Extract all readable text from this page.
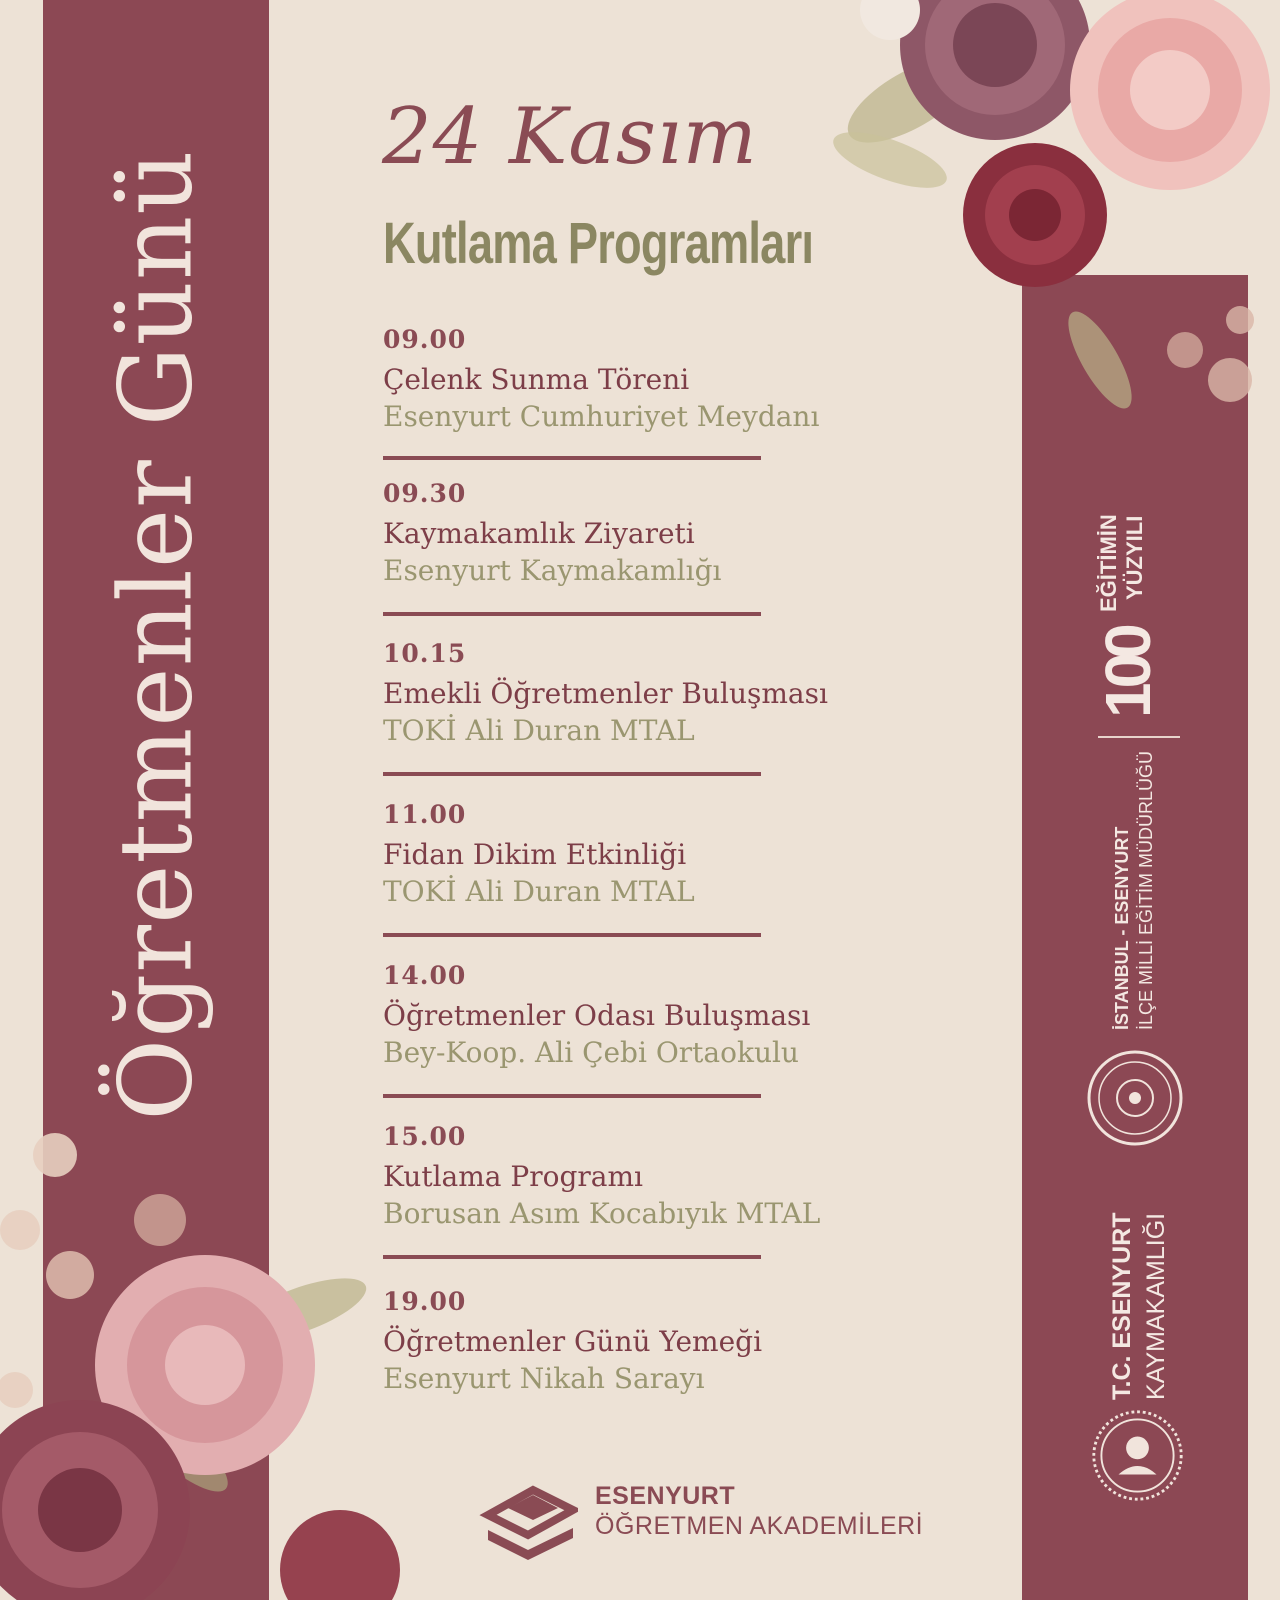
Öğretmenler Günü
24 Kasım
Kutlama Programları
09.00
Çelenk Sunma Töreni
Esenyurt Cumhuriyet Meydanı
09.30
Kaymakamlık Ziyareti
Esenyurt Kaymakamlığı
10.15
Emekli Öğretmenler Buluşması
TOKİ Ali Duran MTAL
11.00
Fidan Dikim Etkinliği
TOKİ Ali Duran MTAL
14.00
Öğretmenler Odası Buluşması
Bey-Koop. Ali Çebi Ortaokulu
15.00
Kutlama Programı
Borusan Asım Kocabıyık MTAL
19.00
Öğretmenler Günü Yemeği
Esenyurt Nikah Sarayı
ESENYURT
ÖĞRETMEN AKADEMİLERİ
100
EĞİTİMİN YÜZYILI
İSTANBUL - ESENYURT İLÇE MİLLİ EĞİTİM MÜDÜRLÜĞÜ
T.C. ESENYURT KAYMAKAMLIĞI
